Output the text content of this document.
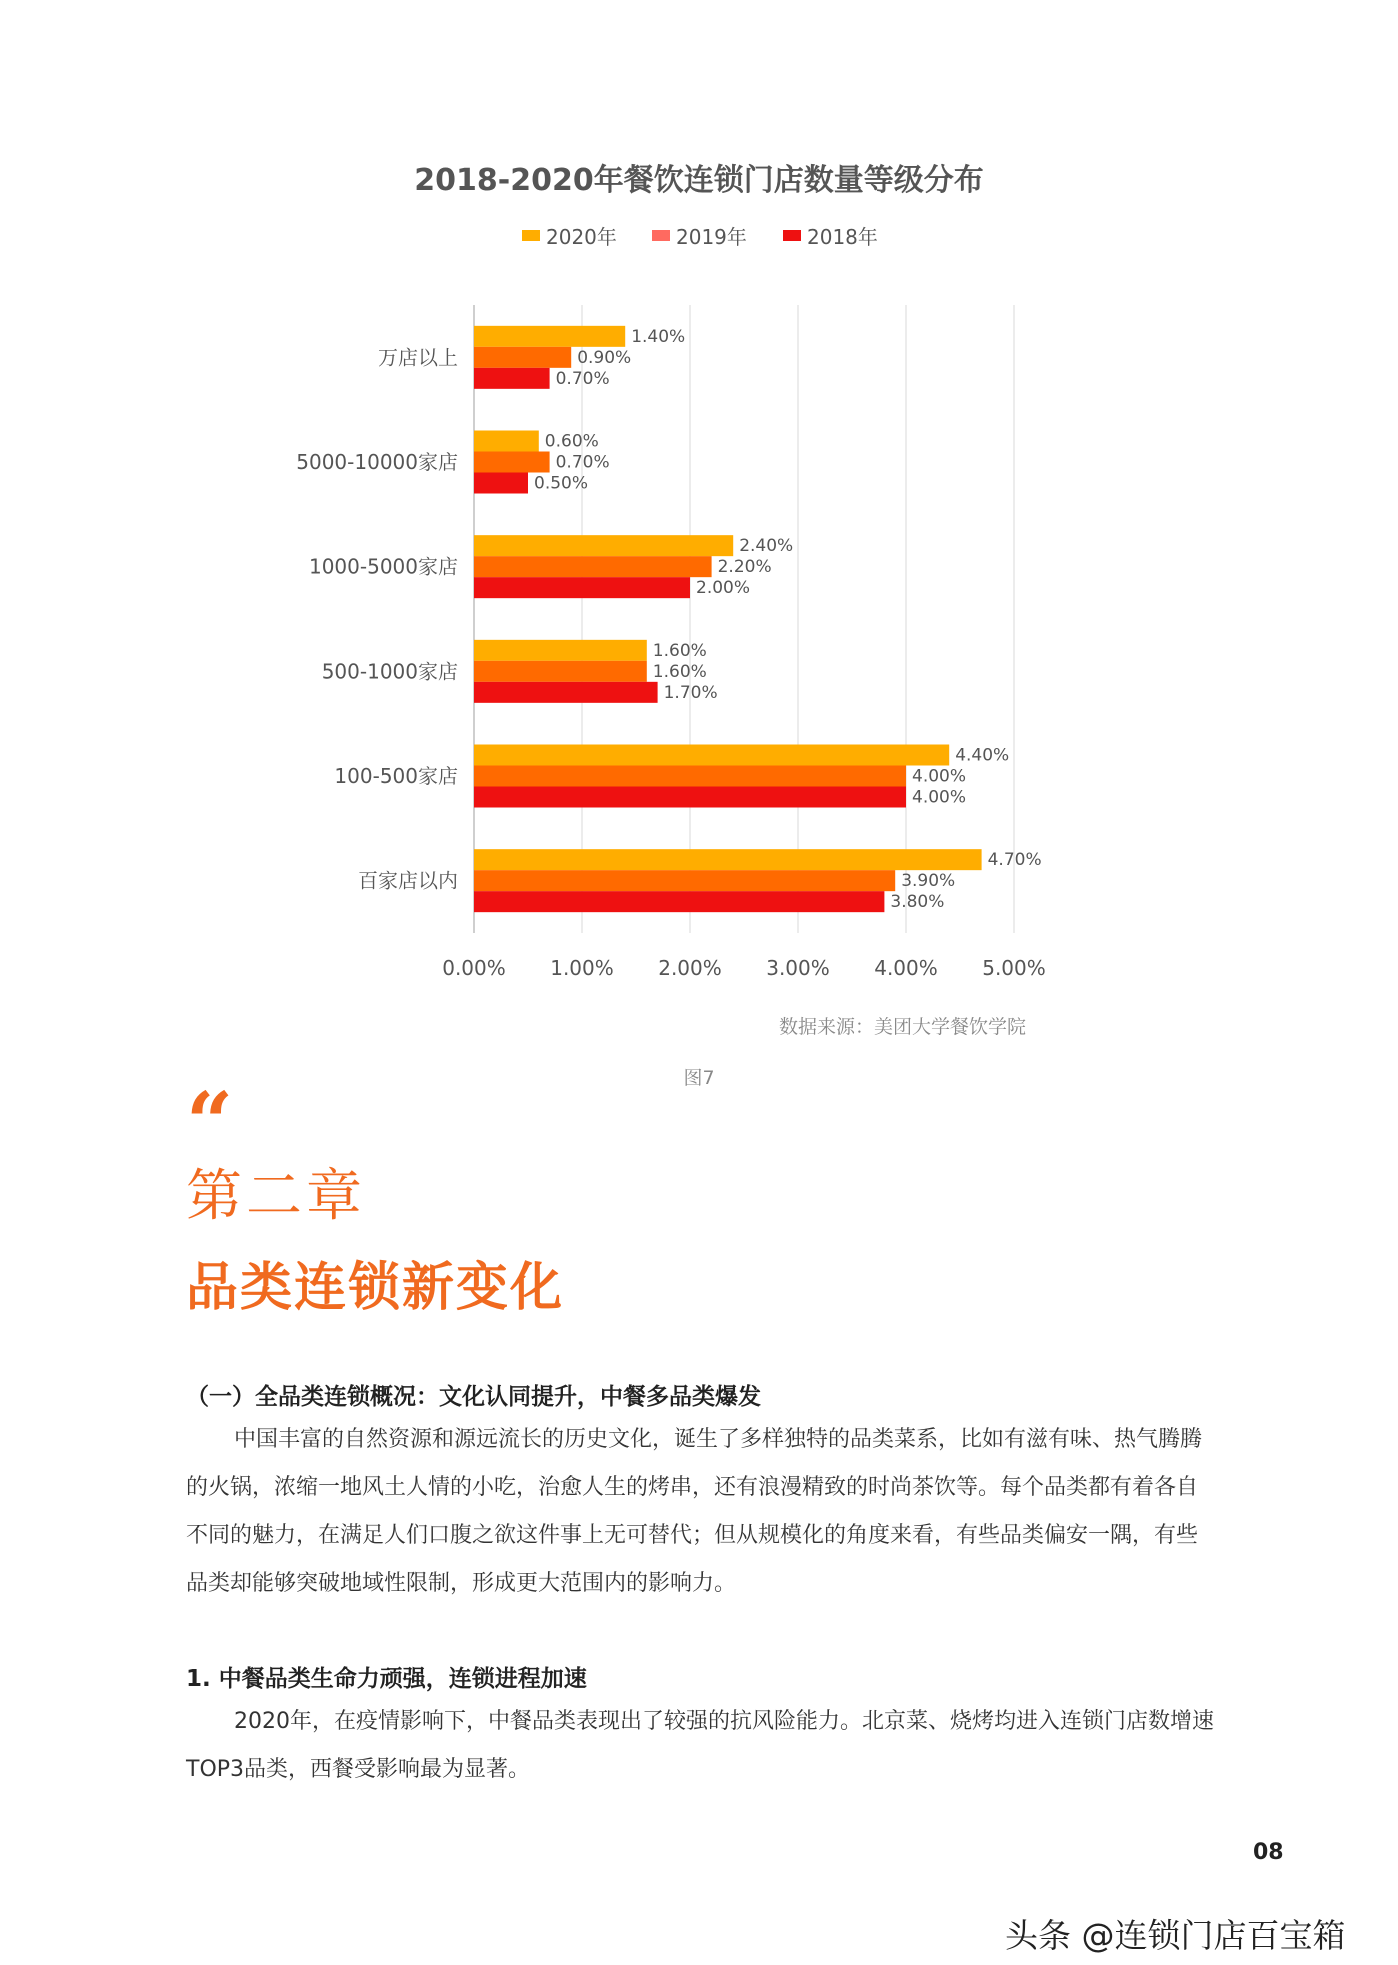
0.00% 1.00% 2.00% 3.00% 4.00% 5.00%
万店以上
1.40%
0.90%
0.70%
5000-10000家店
0.60%
0.70%
0.50%
1000-5000家店
2.40%
2.20%
2.00%
500-1000家店
1.60%
1.60%
1.70%
100-500家店
4.40%
4.00%
4.00%
百家店以内
4.70%
3.90%
3.80%
2018-2020年餐饮连锁门店数量等级分布
2020年	2019年	2018年
数据来源：美团大学餐饮学院
图7
“
第二章
品类连锁新变化
（一）全品类连锁概况：文化认同提升，中餐多品类爆发

中国丰富的自然资源和源远流长的历史文化，诞生了多样独特的品类菜系，比如有滋有味、热气腾腾的火锅，浓缩一地风土人情的小吃，治愈人生的烤串，还有浪漫精致的时尚茶饮等。每个品类都有着各自不同的魅力，在满足人们口腹之欲这件事上无可替代；但从规模化的角度来看，有些品类偏安一隅，有些品类却能够突破地域性限制，形成更大范围内的影响力。

1. 中餐品类生命力顽强，连锁进程加速

2020年，在疫情影响下，中餐品类表现出了较强的抗风险能力。北京菜、烧烤均进入连锁门店数增速TOP3品类，西餐受影响最为显著。

08
头条 @连锁门店百宝箱
